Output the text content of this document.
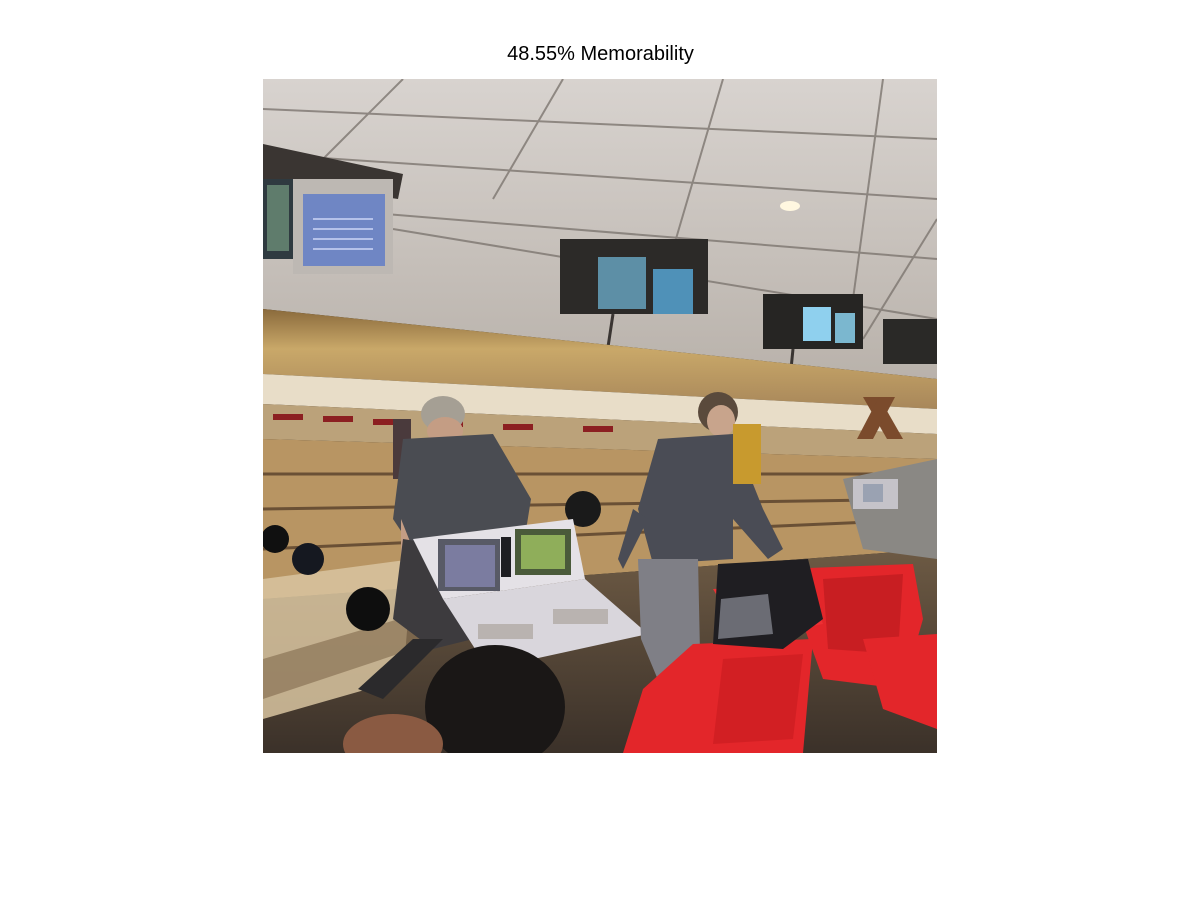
48.55% Memorability
